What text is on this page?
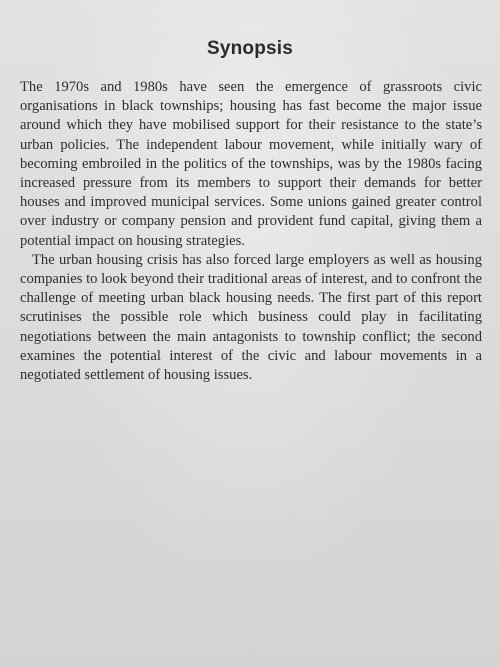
Synopsis

The 1970s and 1980s have seen the emergence of grassroots civic organisations in black townships; housing has fast become the major issue around which they have mobilised support for their resistance to the state’s urban policies. The independent labour movement, while initially wary of becoming embroiled in the politics of the townships, was by the 1980s facing increased pressure from its members to support their demands for better houses and improved municipal services. Some unions gained greater control over industry or company pension and provident fund capital, giving them a potential impact on housing strategies.

The urban housing crisis has also forced large employers as well as housing companies to look beyond their traditional areas of interest, and to confront the challenge of meeting urban black housing needs. The first part of this report scrutinises the possible role which business could play in facilitating negotiations between the main antagonists to township conflict; the second examines the potential interest of the civic and labour movements in a negotiated settlement of housing issues.
